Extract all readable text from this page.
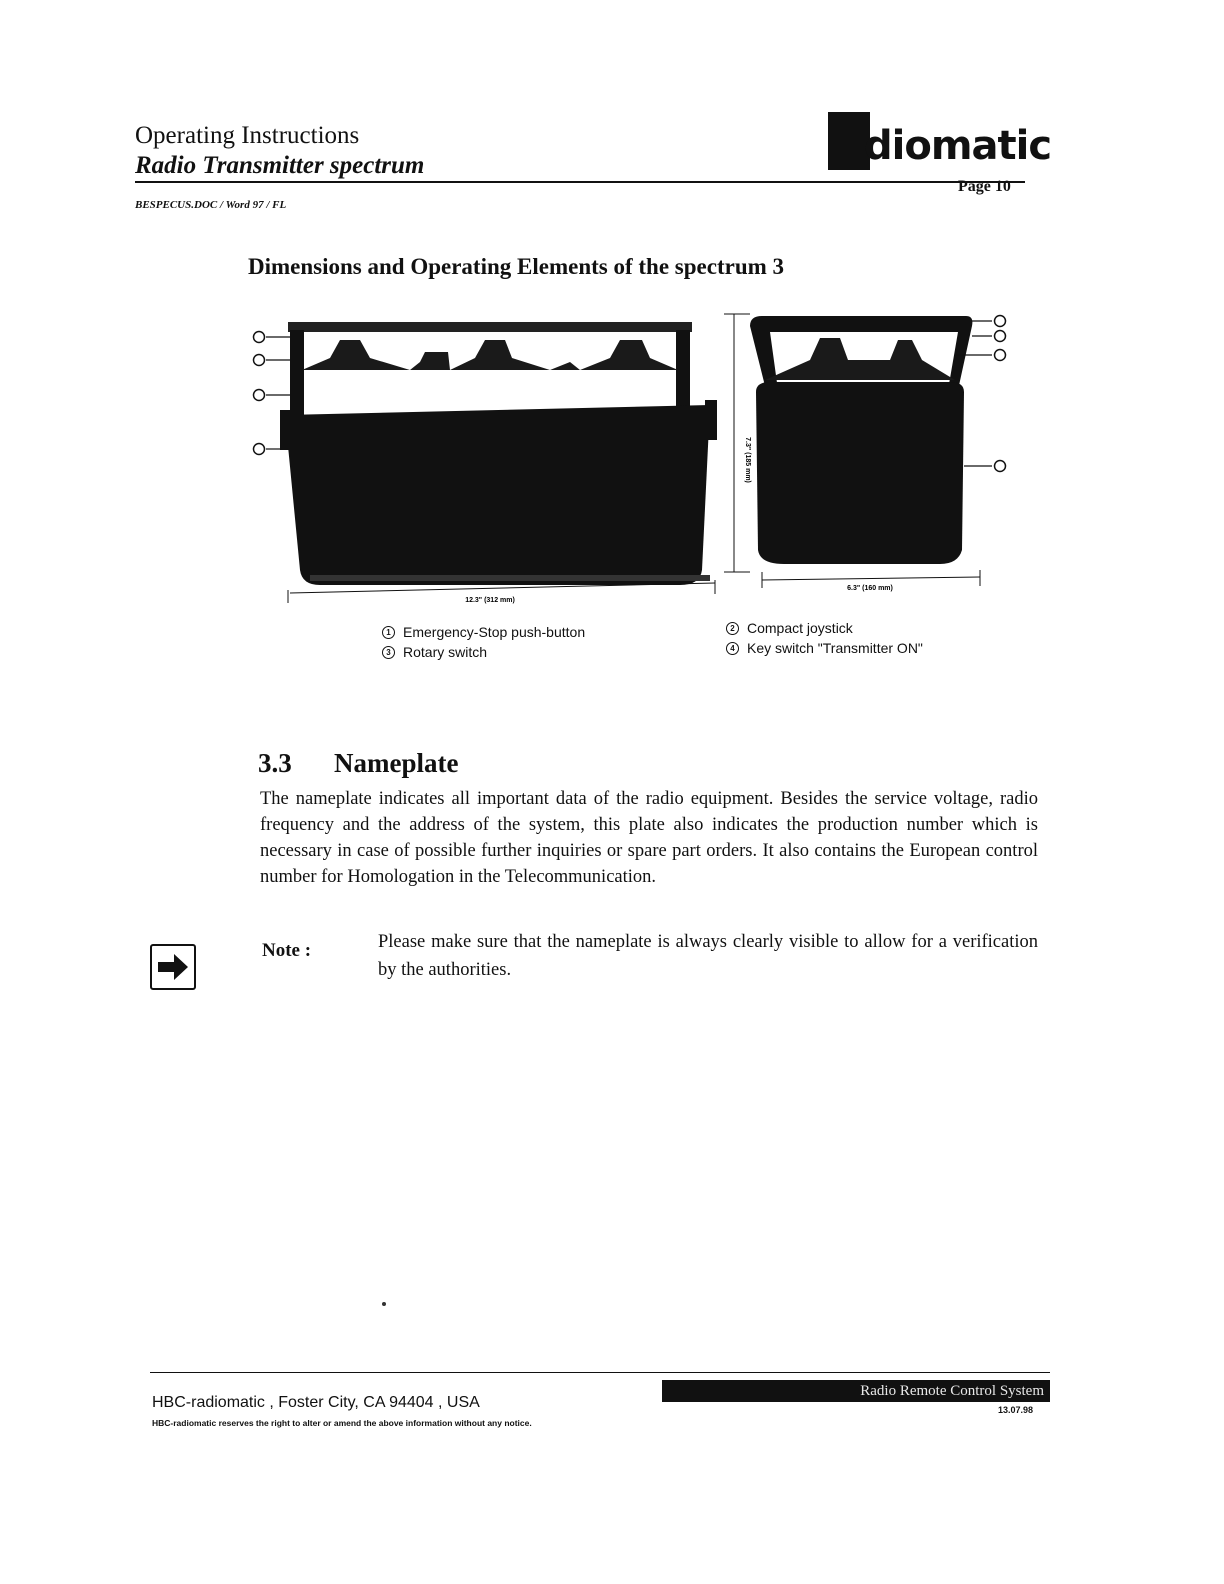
Operating Instructions
Radio Transmitter spectrum
BESPECUS.DOC / Word 97 / FL
diomatic
Page 10
Dimensions and Operating Elements of the spectrum 3
12.3" (312 mm)
7.3" (185 mm)
6.3" (160 mm)
1 Emergency-Stop push-button
3 Rotary switch
2 Compact joystick
4 Key switch "Transmitter ON"
3.3 Nameplate
The nameplate indicates all important data of the radio equipment. Besides the service voltage, radio frequency and the address of the system, this plate also indicates the production number which is necessary in case of possible further inquiries or spare part orders. It also contains the European control number for Homologation in the Telecommunication.
Note :	Please make sure that the nameplate is always clearly visible to allow for a verification by the authorities.
HBC-radiomatic , Foster City, CA 94404 , USA
HBC-radiomatic reserves the right to alter or amend the above information without any notice.
Radio Remote Control System
13.07.98
